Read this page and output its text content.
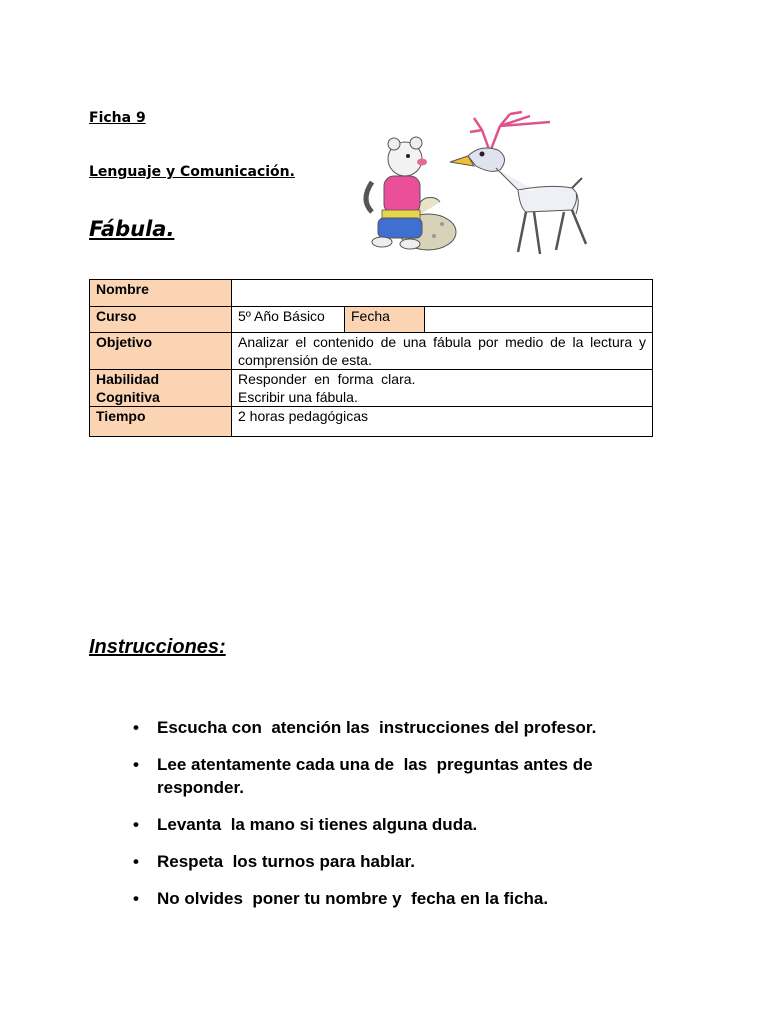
Ficha 9
Lenguaje y Comunicación.
Fábula.
Nombre			
Curso	5º Año Básico	Fecha	
Objetivo	Analizar el contenido de una fábula por medio de la lectura y comprensión de esta.		
Habilidad Cognitiva	Responder  en  forma  clara.
Escribir una fábula.		

Tiempo	2 horas pedagógicas		
Instrucciones:
• Escucha con  atención las  instrucciones del profesor.
• Lee atentamente cada una de  las  preguntas antes de responder.
• Levanta  la mano si tienes alguna duda.
• Respeta  los turnos para hablar.
• No olvides  poner tu nombre y  fecha en la ficha.
